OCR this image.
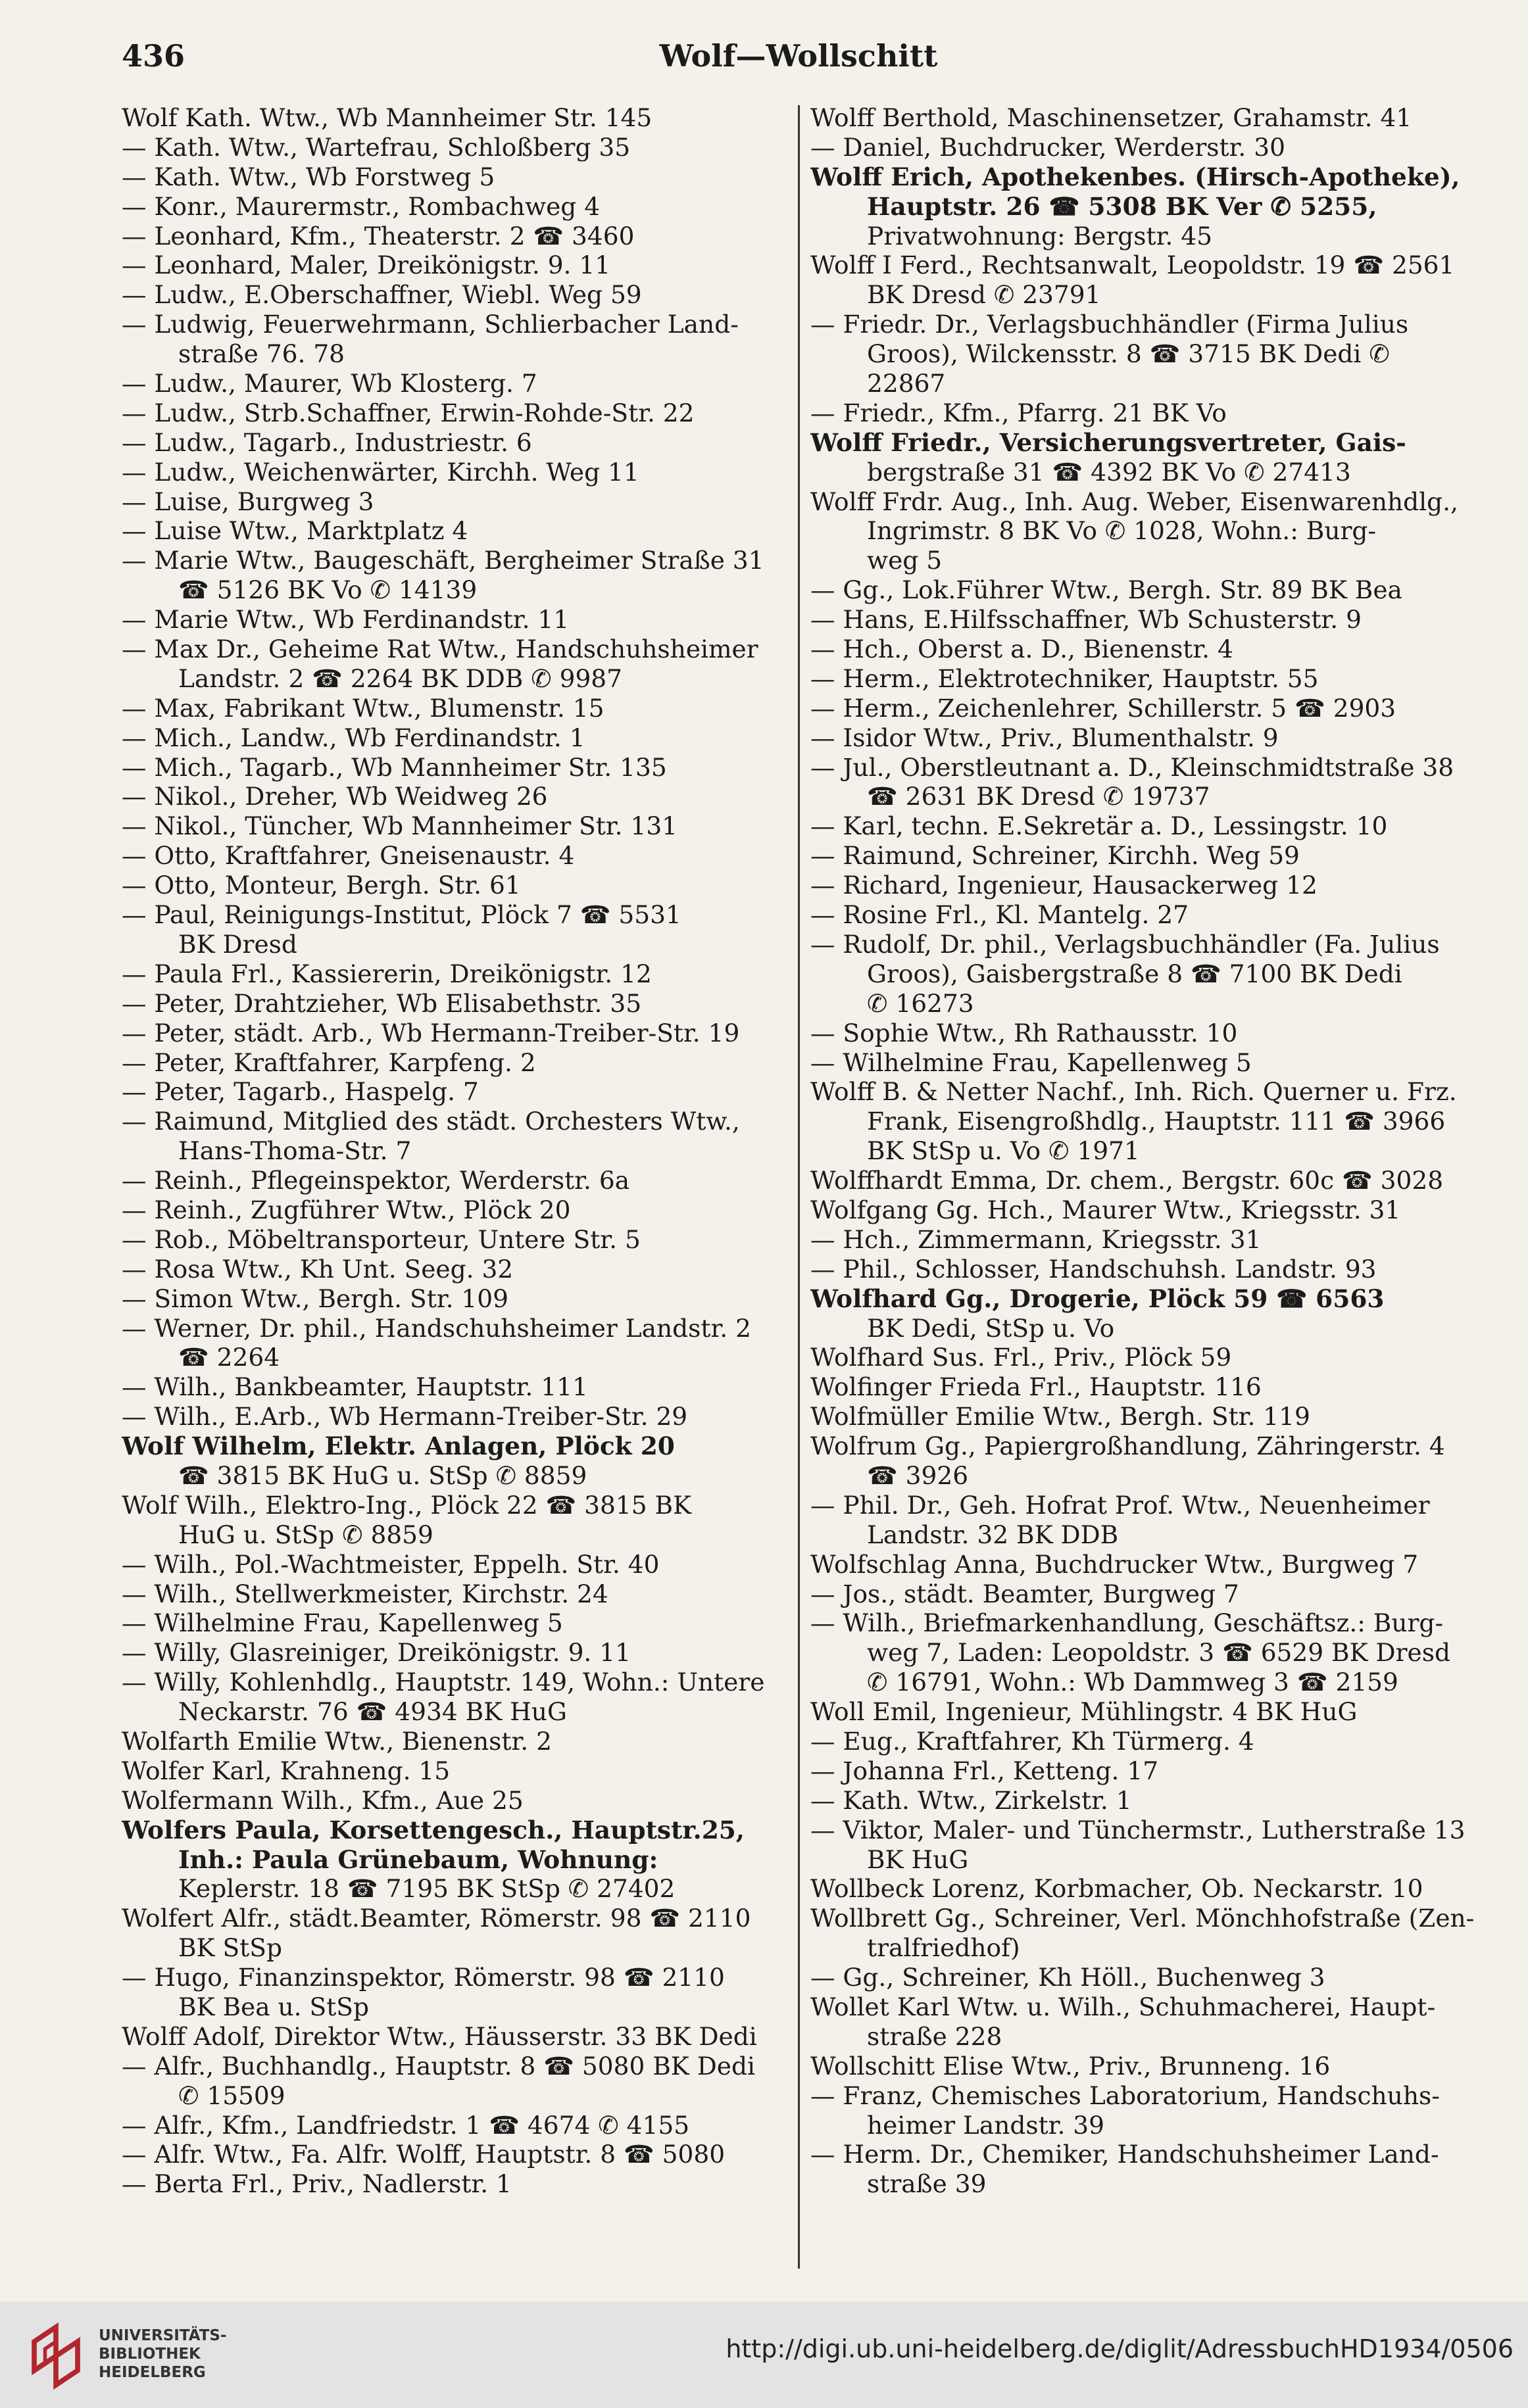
436	Wolf—Wollschitt
Wolf Kath. Wtw., Wb Mannheimer Str. 145
— Kath. Wtw., Wartefrau, Schloßberg 35
— Kath. Wtw., Wb Forstweg 5
— Konr., Maurermstr., Rombachweg 4
— Leonhard, Kfm., Theaterstr. 2 ☎ 3460
— Leonhard, Maler, Dreikönigstr. 9. 11
— Ludw., E.Oberschaffner, Wiebl. Weg 59
— Ludwig, Feuerwehrmann, Schlierbacher Land-
straße 76. 78
— Ludw., Maurer, Wb Klosterg. 7
— Ludw., Strb.Schaffner, Erwin-Rohde-Str. 22
— Ludw., Tagarb., Industriestr. 6
— Ludw., Weichenwärter, Kirchh. Weg 11
— Luise, Burgweg 3
— Luise Wtw., Marktplatz 4
— Marie Wtw., Baugeschäft, Bergheimer Straße 31
☎ 5126 BK Vo ✆ 14139
— Marie Wtw., Wb Ferdinandstr. 11
— Max Dr., Geheime Rat Wtw., Handschuhsheimer
Landstr. 2 ☎ 2264 BK DDB ✆ 9987
— Max, Fabrikant Wtw., Blumenstr. 15
— Mich., Landw., Wb Ferdinandstr. 1
— Mich., Tagarb., Wb Mannheimer Str. 135
— Nikol., Dreher, Wb Weidweg 26
— Nikol., Tüncher, Wb Mannheimer Str. 131
— Otto, Kraftfahrer, Gneisenaustr. 4
— Otto, Monteur, Bergh. Str. 61
— Paul, Reinigungs-Institut, Plöck 7 ☎ 5531
BK Dresd
— Paula Frl., Kassiererin, Dreikönigstr. 12
— Peter, Drahtzieher, Wb Elisabethstr. 35
— Peter, städt. Arb., Wb Hermann-Treiber-Str. 19
— Peter, Kraftfahrer, Karpfeng. 2
— Peter, Tagarb., Haspelg. 7
— Raimund, Mitglied des städt. Orchesters Wtw.,
Hans-Thoma-Str. 7
— Reinh., Pflegeinspektor, Werderstr. 6a
— Reinh., Zugführer Wtw., Plöck 20
— Rob., Möbeltransporteur, Untere Str. 5
— Rosa Wtw., Kh Unt. Seeg. 32
— Simon Wtw., Bergh. Str. 109
— Werner, Dr. phil., Handschuhsheimer Landstr. 2
☎ 2264
— Wilh., Bankbeamter, Hauptstr. 111
— Wilh., E.Arb., Wb Hermann-Treiber-Str. 29
Wolf Wilhelm, Elektr. Anlagen, Plöck 20
☎ 3815 BK HuG u. StSp ✆ 8859
Wolf Wilh., Elektro-Ing., Plöck 22 ☎ 3815 BK
HuG u. StSp ✆ 8859
— Wilh., Pol.-Wachtmeister, Eppelh. Str. 40
— Wilh., Stellwerkmeister, Kirchstr. 24
— Wilhelmine Frau, Kapellenweg 5
— Willy, Glasreiniger, Dreikönigstr. 9. 11
— Willy, Kohlenhdlg., Hauptstr. 149, Wohn.: Untere
Neckarstr. 76 ☎ 4934 BK HuG
Wolfarth Emilie Wtw., Bienenstr. 2
Wolfer Karl, Krahneng. 15
Wolfermann Wilh., Kfm., Aue 25
Wolfers Paula, Korsettengesch., Hauptstr.25,
Inh.: Paula Grünebaum, Wohnung:
Keplerstr. 18 ☎ 7195 BK StSp ✆ 27402
Wolfert Alfr., städt.Beamter, Römerstr. 98 ☎ 2110
BK StSp
— Hugo, Finanzinspektor, Römerstr. 98 ☎ 2110
BK Bea u. StSp
Wolff Adolf, Direktor Wtw., Häusserstr. 33 BK Dedi
— Alfr., Buchhandlg., Hauptstr. 8 ☎ 5080 BK Dedi
✆ 15509
— Alfr., Kfm., Landfriedstr. 1 ☎ 4674 ✆ 4155
— Alfr. Wtw., Fa. Alfr. Wolff, Hauptstr. 8 ☎ 5080
— Berta Frl., Priv., Nadlerstr. 1
Wolff Berthold, Maschinensetzer, Grahamstr. 41
— Daniel, Buchdrucker, Werderstr. 30
Wolff Erich, Apothekenbes. (Hirsch-Apotheke),
Hauptstr. 26 ☎ 5308 BK Ver ✆ 5255,
Privatwohnung: Bergstr. 45
Wolff I Ferd., Rechtsanwalt, Leopoldstr. 19 ☎ 2561
BK Dresd ✆ 23791
— Friedr. Dr., Verlagsbuchhändler (Firma Julius
Groos), Wilckensstr. 8 ☎ 3715 BK Dedi ✆
22867
— Friedr., Kfm., Pfarrg. 21 BK Vo
Wolff Friedr., Versicherungsvertreter, Gais-
bergstraße 31 ☎ 4392 BK Vo ✆ 27413
Wolff Frdr. Aug., Inh. Aug. Weber, Eisenwarenhdlg.,
Ingrimstr. 8 BK Vo ✆ 1028, Wohn.: Burg-
weg 5
— Gg., Lok.Führer Wtw., Bergh. Str. 89 BK Bea
— Hans, E.Hilfsschaffner, Wb Schusterstr. 9
— Hch., Oberst a. D., Bienenstr. 4
— Herm., Elektrotechniker, Hauptstr. 55
— Herm., Zeichenlehrer, Schillerstr. 5 ☎ 2903
— Isidor Wtw., Priv., Blumenthalstr. 9
— Jul., Oberstleutnant a. D., Kleinschmidtstraße 38
☎ 2631 BK Dresd ✆ 19737
— Karl, techn. E.Sekretär a. D., Lessingstr. 10
— Raimund, Schreiner, Kirchh. Weg 59
— Richard, Ingenieur, Hausackerweg 12
— Rosine Frl., Kl. Mantelg. 27
— Rudolf, Dr. phil., Verlagsbuchhändler (Fa. Julius
Groos), Gaisbergstraße 8 ☎ 7100 BK Dedi
✆ 16273
— Sophie Wtw., Rh Rathausstr. 10
— Wilhelmine Frau, Kapellenweg 5
Wolff B. & Netter Nachf., Inh. Rich. Querner u. Frz.
Frank, Eisengroßhdlg., Hauptstr. 111 ☎ 3966
BK StSp u. Vo ✆ 1971
Wolffhardt Emma, Dr. chem., Bergstr. 60c ☎ 3028
Wolfgang Gg. Hch., Maurer Wtw., Kriegsstr. 31
— Hch., Zimmermann, Kriegsstr. 31
— Phil., Schlosser, Handschuhsh. Landstr. 93
Wolfhard Gg., Drogerie, Plöck 59 ☎ 6563
BK Dedi, StSp u. Vo
Wolfhard Sus. Frl., Priv., Plöck 59
Wolfinger Frieda Frl., Hauptstr. 116
Wolfmüller Emilie Wtw., Bergh. Str. 119
Wolfrum Gg., Papiergroßhandlung, Zähringerstr. 4
☎ 3926
— Phil. Dr., Geh. Hofrat Prof. Wtw., Neuenheimer
Landstr. 32 BK DDB
Wolfschlag Anna, Buchdrucker Wtw., Burgweg 7
— Jos., städt. Beamter, Burgweg 7
— Wilh., Briefmarkenhandlung, Geschäftsz.: Burg-
weg 7, Laden: Leopoldstr. 3 ☎ 6529 BK Dresd
✆ 16791, Wohn.: Wb Dammweg 3 ☎ 2159
Woll Emil, Ingenieur, Mühlingstr. 4 BK HuG
— Eug., Kraftfahrer, Kh Türmerg. 4
— Johanna Frl., Ketteng. 17
— Kath. Wtw., Zirkelstr. 1
— Viktor, Maler- und Tünchermstr., Lutherstraße 13
BK HuG
Wollbeck Lorenz, Korbmacher, Ob. Neckarstr. 10
Wollbrett Gg., Schreiner, Verl. Mönchhofstraße (Zen-
tralfriedhof)
— Gg., Schreiner, Kh Höll., Buchenweg 3
Wollet Karl Wtw. u. Wilh., Schuhmacherei, Haupt-
straße 228
Wollschitt Elise Wtw., Priv., Brunneng. 16
— Franz, Chemisches Laboratorium, Handschuhs-
heimer Landstr. 39
— Herm. Dr., Chemiker, Handschuhsheimer Land-
straße 39
UNIVERSITÄTS-
BIBLIOTHEK
HEIDELBERG
http://digi.ub.uni-heidelberg.de/diglit/AdressbuchHD1934/0506
